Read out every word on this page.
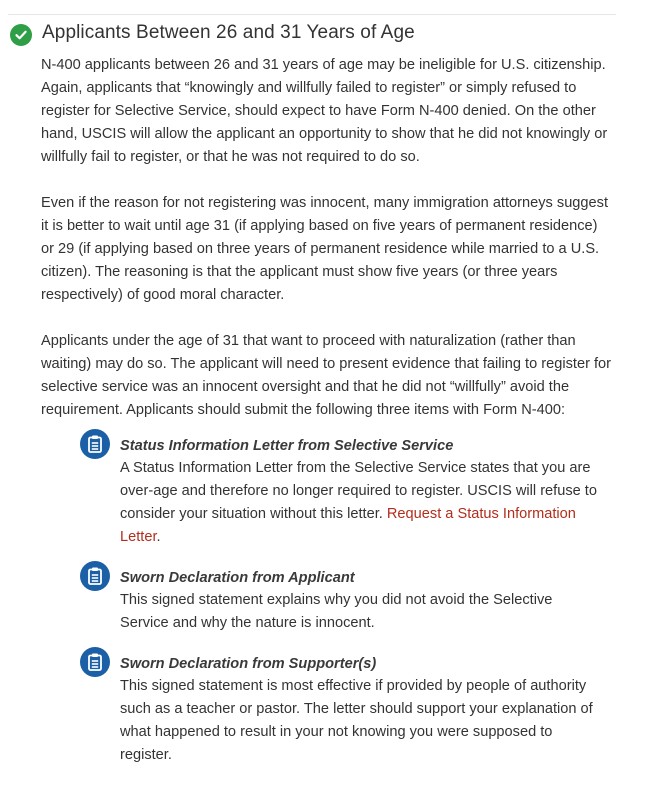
Applicants Between 26 and 31 Years of Age

N-400 applicants between 26 and 31 years of age may be ineligible for U.S. citizenship. Again, applicants that “knowingly and willfully failed to register” or simply refused to register for Selective Service, should expect to have Form N-400 denied. On the other hand, USCIS will allow the applicant an opportunity to show that he did not knowingly or willfully fail to register, or that he was not required to do so.

Even if the reason for not registering was innocent, many immigration attorneys suggest it is better to wait until age 31 (if applying based on five years of permanent residence) or 29 (if applying based on three years of permanent residence while married to a U.S. citizen). The reasoning is that the applicant must show five years (or three years respectively) of good moral character.

Applicants under the age of 31 that want to proceed with naturalization (rather than waiting) may do so. The applicant will need to present evidence that failing to register for selective service was an innocent oversight and that he did not “willfully” avoid the requirement. Applicants should submit the following three items with Form N-400:

Status Information Letter from Selective Service
A Status Information Letter from the Selective Service states that you are over-age and therefore no longer required to register. USCIS will refuse to consider your situation without this letter. Request a Status Information Letter.
Sworn Declaration from Applicant
This signed statement explains why you did not avoid the Selective Service and why the nature is innocent.
Sworn Declaration from Supporter(s)
This signed statement is most effective if provided by people of authority such as a teacher or pastor. The letter should support your explanation of what happened to result in your not knowing you were supposed to register.
